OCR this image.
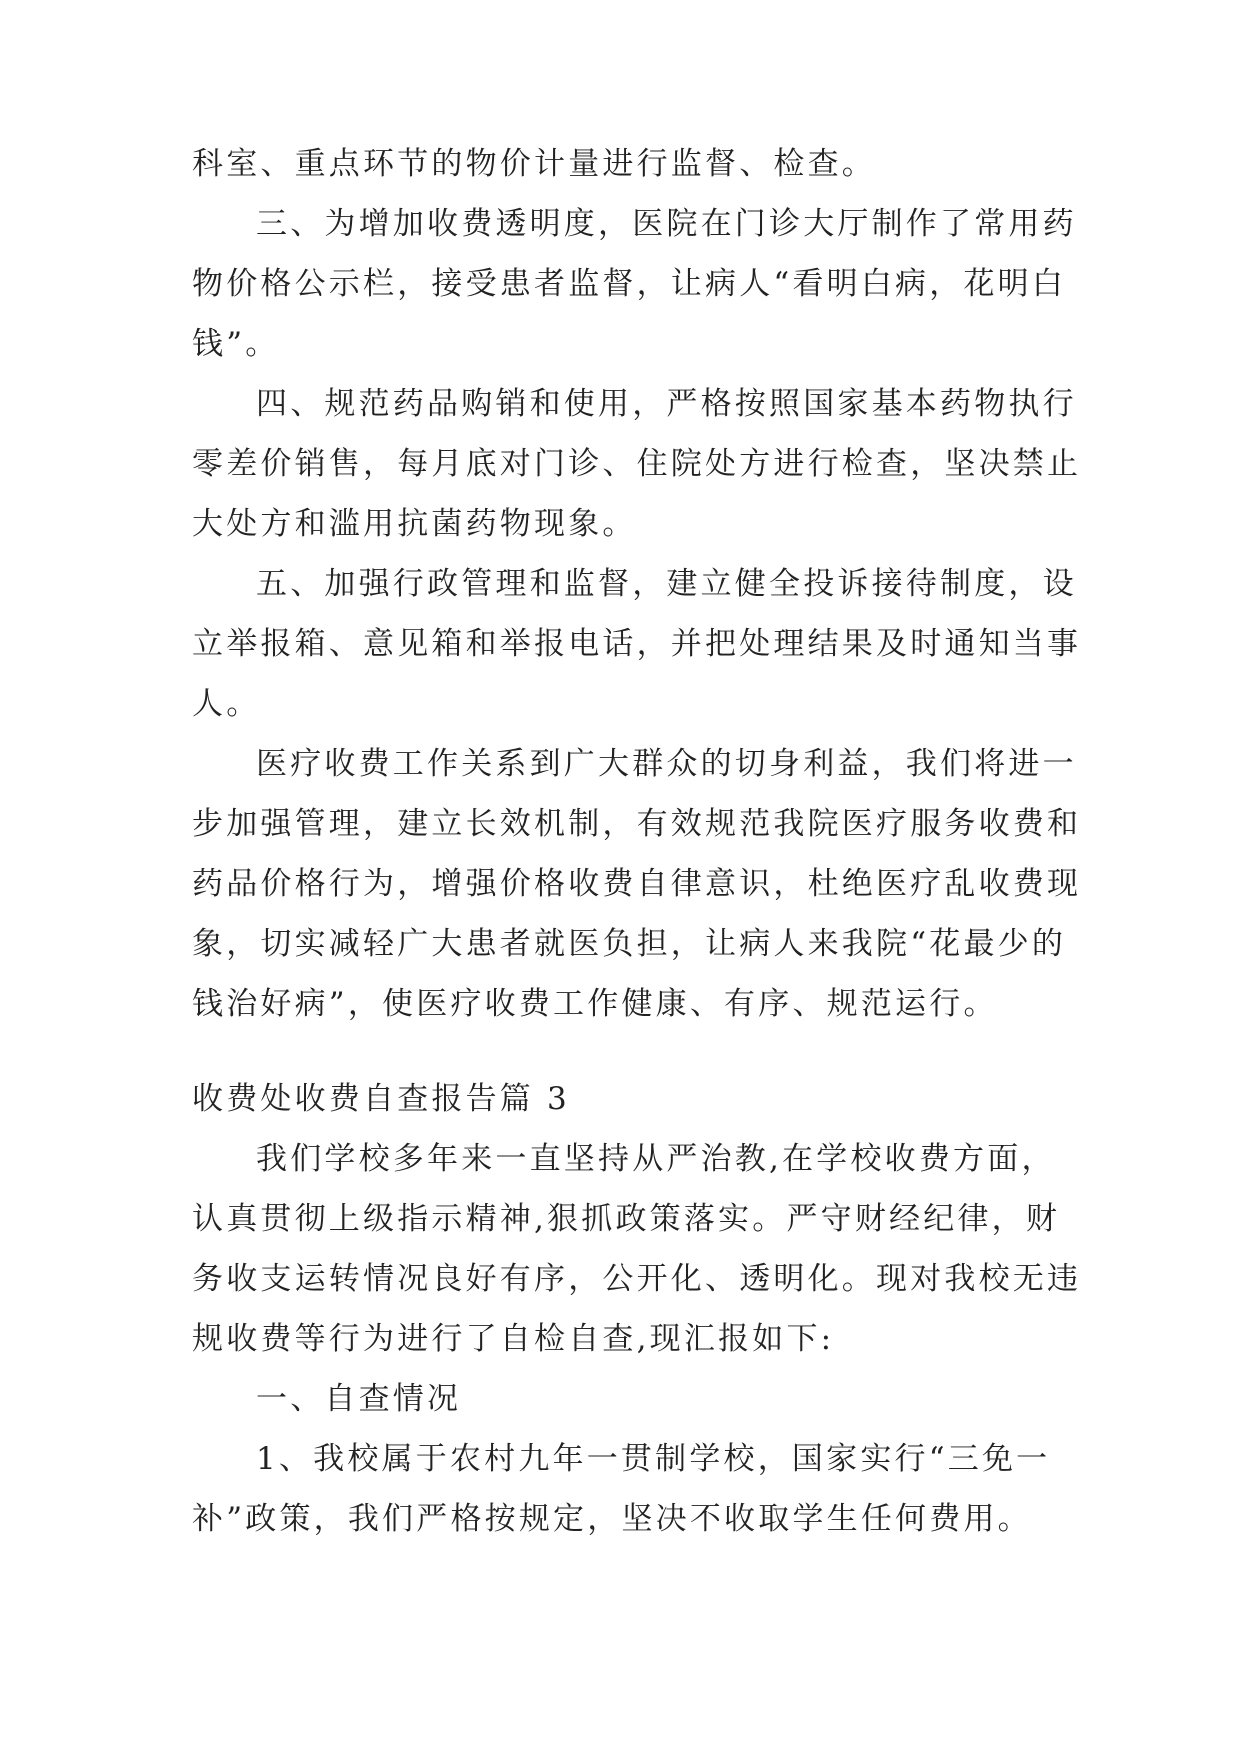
科室、重点环节的物价计量进行监督、检查。
三、为增加收费透明度，医院在门诊大厅制作了常用药
物价格公示栏，接受患者监督，让病人“看明白病，花明白
钱”。
四、规范药品购销和使用，严格按照国家基本药物执行
零差价销售，每月底对门诊、住院处方进行检查，坚决禁止
大处方和滥用抗菌药物现象。
五、加强行政管理和监督，建立健全投诉接待制度，设
立举报箱、意见箱和举报电话，并把处理结果及时通知当事
人。
医疗收费工作关系到广大群众的切身利益，我们将进一
步加强管理，建立长效机制，有效规范我院医疗服务收费和
药品价格行为，增强价格收费自律意识，杜绝医疗乱收费现
象，切实减轻广大患者就医负担，让病人来我院“花最少的
钱治好病”，使医疗收费工作健康、有序、规范运行。
收费处收费自查报告篇 3
我们学校多年来一直坚持从严治教,在学校收费方面，
认真贯彻上级指示精神,狠抓政策落实。严守财经纪律，财
务收支运转情况良好有序，公开化、透明化。现对我校无违
规收费等行为进行了自检自查,现汇报如下:
一、自查情况
1、我校属于农村九年一贯制学校，国家实行“三免一
补”政策，我们严格按规定，坚决不收取学生任何费用。
